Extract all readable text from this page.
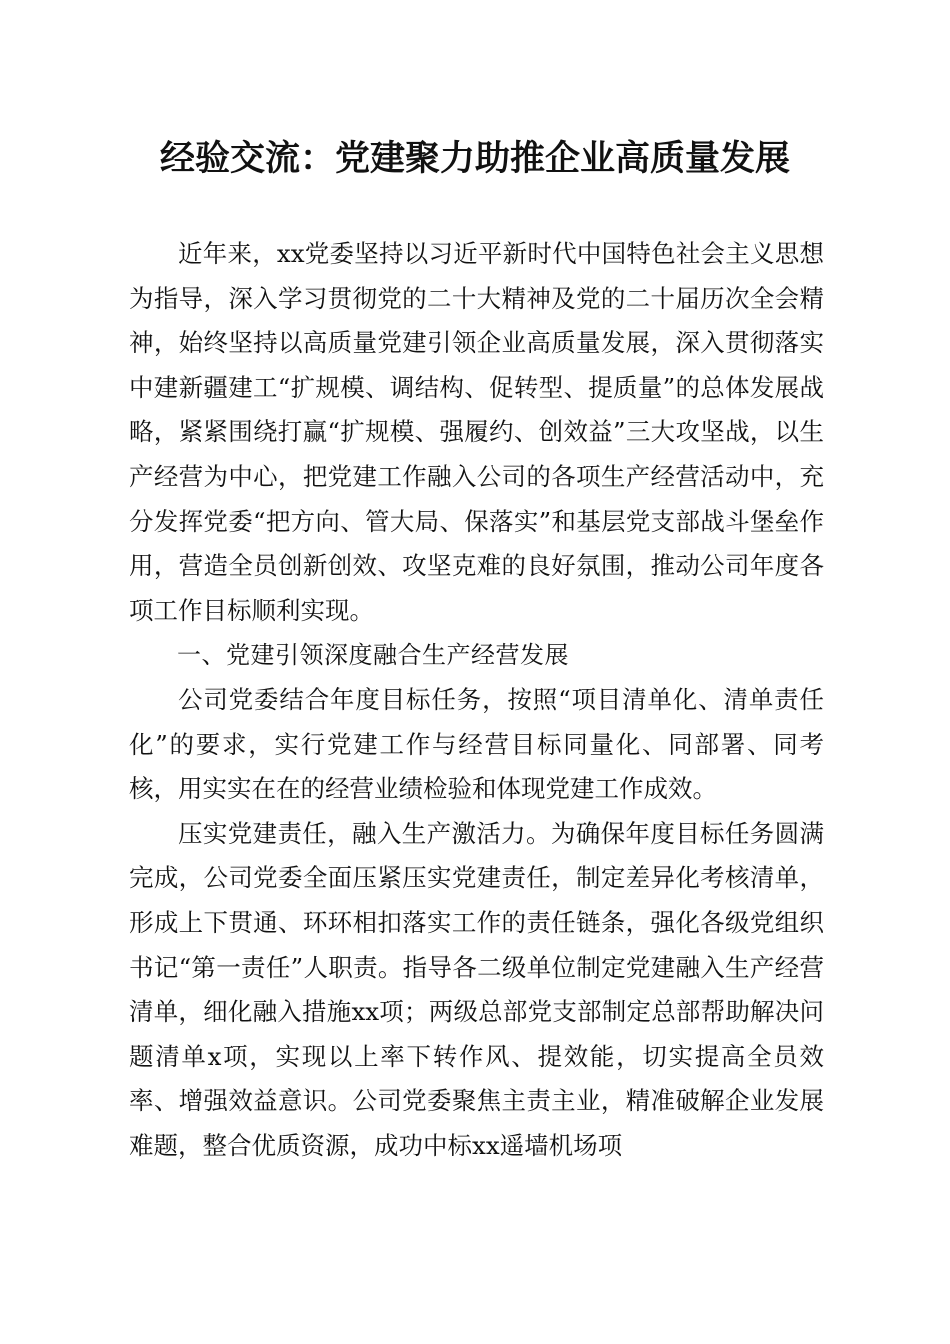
经验交流：党建聚力助推企业高质量发展

近年来，xx党委坚持以习近平新时代中国特色社会主义思想为指导，深入学习贯彻党的二十大精神及党的二十届历次全会精神，始终坚持以高质量党建引领企业高质量发展，深入贯彻落实中建新疆建工“扩规模、调结构、促转型、提质量”的总体发展战略，紧紧围绕打赢“扩规模、强履约、创效益”三大攻坚战，以生产经营为中心，把党建工作融入公司的各项生产经营活动中，充分发挥党委“把方向、管大局、保落实”和基层党支部战斗堡垒作用，营造全员创新创效、攻坚克难的良好氛围，推动公司年度各项工作目标顺利实现。

一、党建引领深度融合生产经营发展

公司党委结合年度目标任务，按照“项目清单化、清单责任化”的要求，实行党建工作与经营目标同量化、同部署、同考核，用实实在在的经营业绩检验和体现党建工作成效。

压实党建责任，融入生产激活力。为确保年度目标任务圆满完成，公司党委全面压紧压实党建责任，制定差异化考核清单，形成上下贯通、环环相扣落实工作的责任链条，强化各级党组织书记“第一责任”人职责。指导各二级单位制定党建融入生产经营清单，细化融入措施xx项；两级总部党支部制定总部帮助解决问题清单x项，实现以上率下转作风、提效能，切实提高全员效率、增强效益意识。公司党委聚焦主责主业，精准破解企业发展难题，整合优质资源，成功中标xx遥墙机场项
